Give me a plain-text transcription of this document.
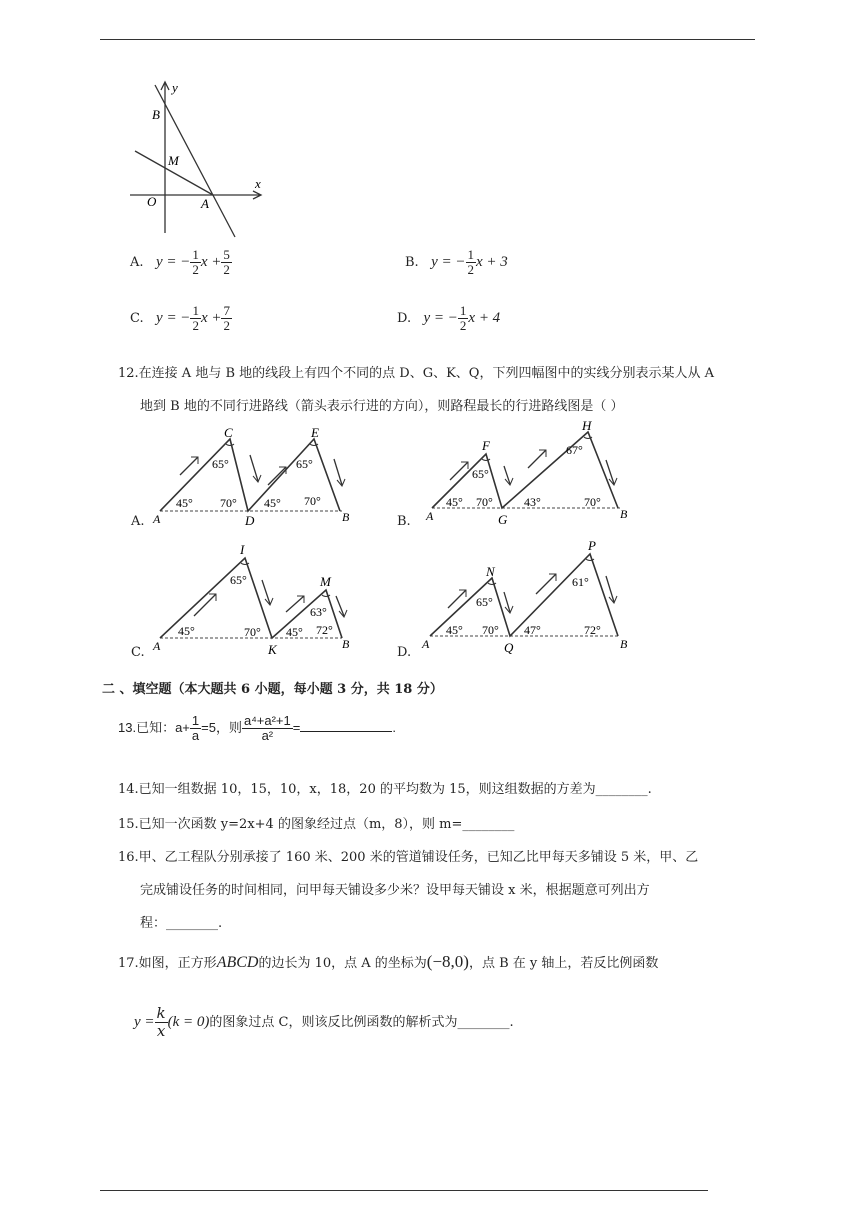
y
x
B
M
O	A
A. y = − $\frac{1}{2}$ $x + \frac{5}{2}$	B. y = − $\frac{1}{2}$ x + 3
C. y = − $\frac{1}{2}$ $x + \frac{7}{2}$	D. y = − $\frac{1}{2}$ x + 4
12.在连接 A 地与 B 地的线段上有四个不同的点 D、G、K、Q，下列四幅图中的实线分别表示某人从 A
地到 B 地的不同行进路线（箭头表示行进的方向），则路程最长的行进路线图是（ ）
A. A
C
D
E
B
45°
65°
70° 45°
65°
70°
B. A
F
G
H
B
45°
65°
70°	43°
67°
70°
C. A
I
K
M
B
45°
65°
70° 45°
63°
72°
D.
A
N
Q
P
B
45°
65°
70° 47°
61°
72°
二 、填空题（本大题共 6 小题，每小题 3 分，共 18 分）
13.已知：$a+ \frac{1}{a} =5$，则 $\frac{\text{a⁴+a²+1}}{\text{a²}}$ =	.
14.已知一组数据 10，15，10，x，18，20 的平均数为 15，则这组数据的方差为________.
15.已知一次函数 y=2x+4 的图象经过点（m，8），则 m=________
16.甲、乙工程队分别承接了 160 米、200 米的管道铺设任务，已知乙比甲每天多铺设 5 米，甲、乙
完成铺设任务的时间相同，问甲每天铺设多少米？设甲每天铺设 x 米，根据题意可列出方
程：________.
17.如图，正方形ABCD的边长为 10，点 A 的坐标为(−8,0)，点 B 在 y 轴上，若反比例函数
$y = \frac{k}{x} (k = 0)$的图象过点 C，则该反比例函数的解析式为________.
